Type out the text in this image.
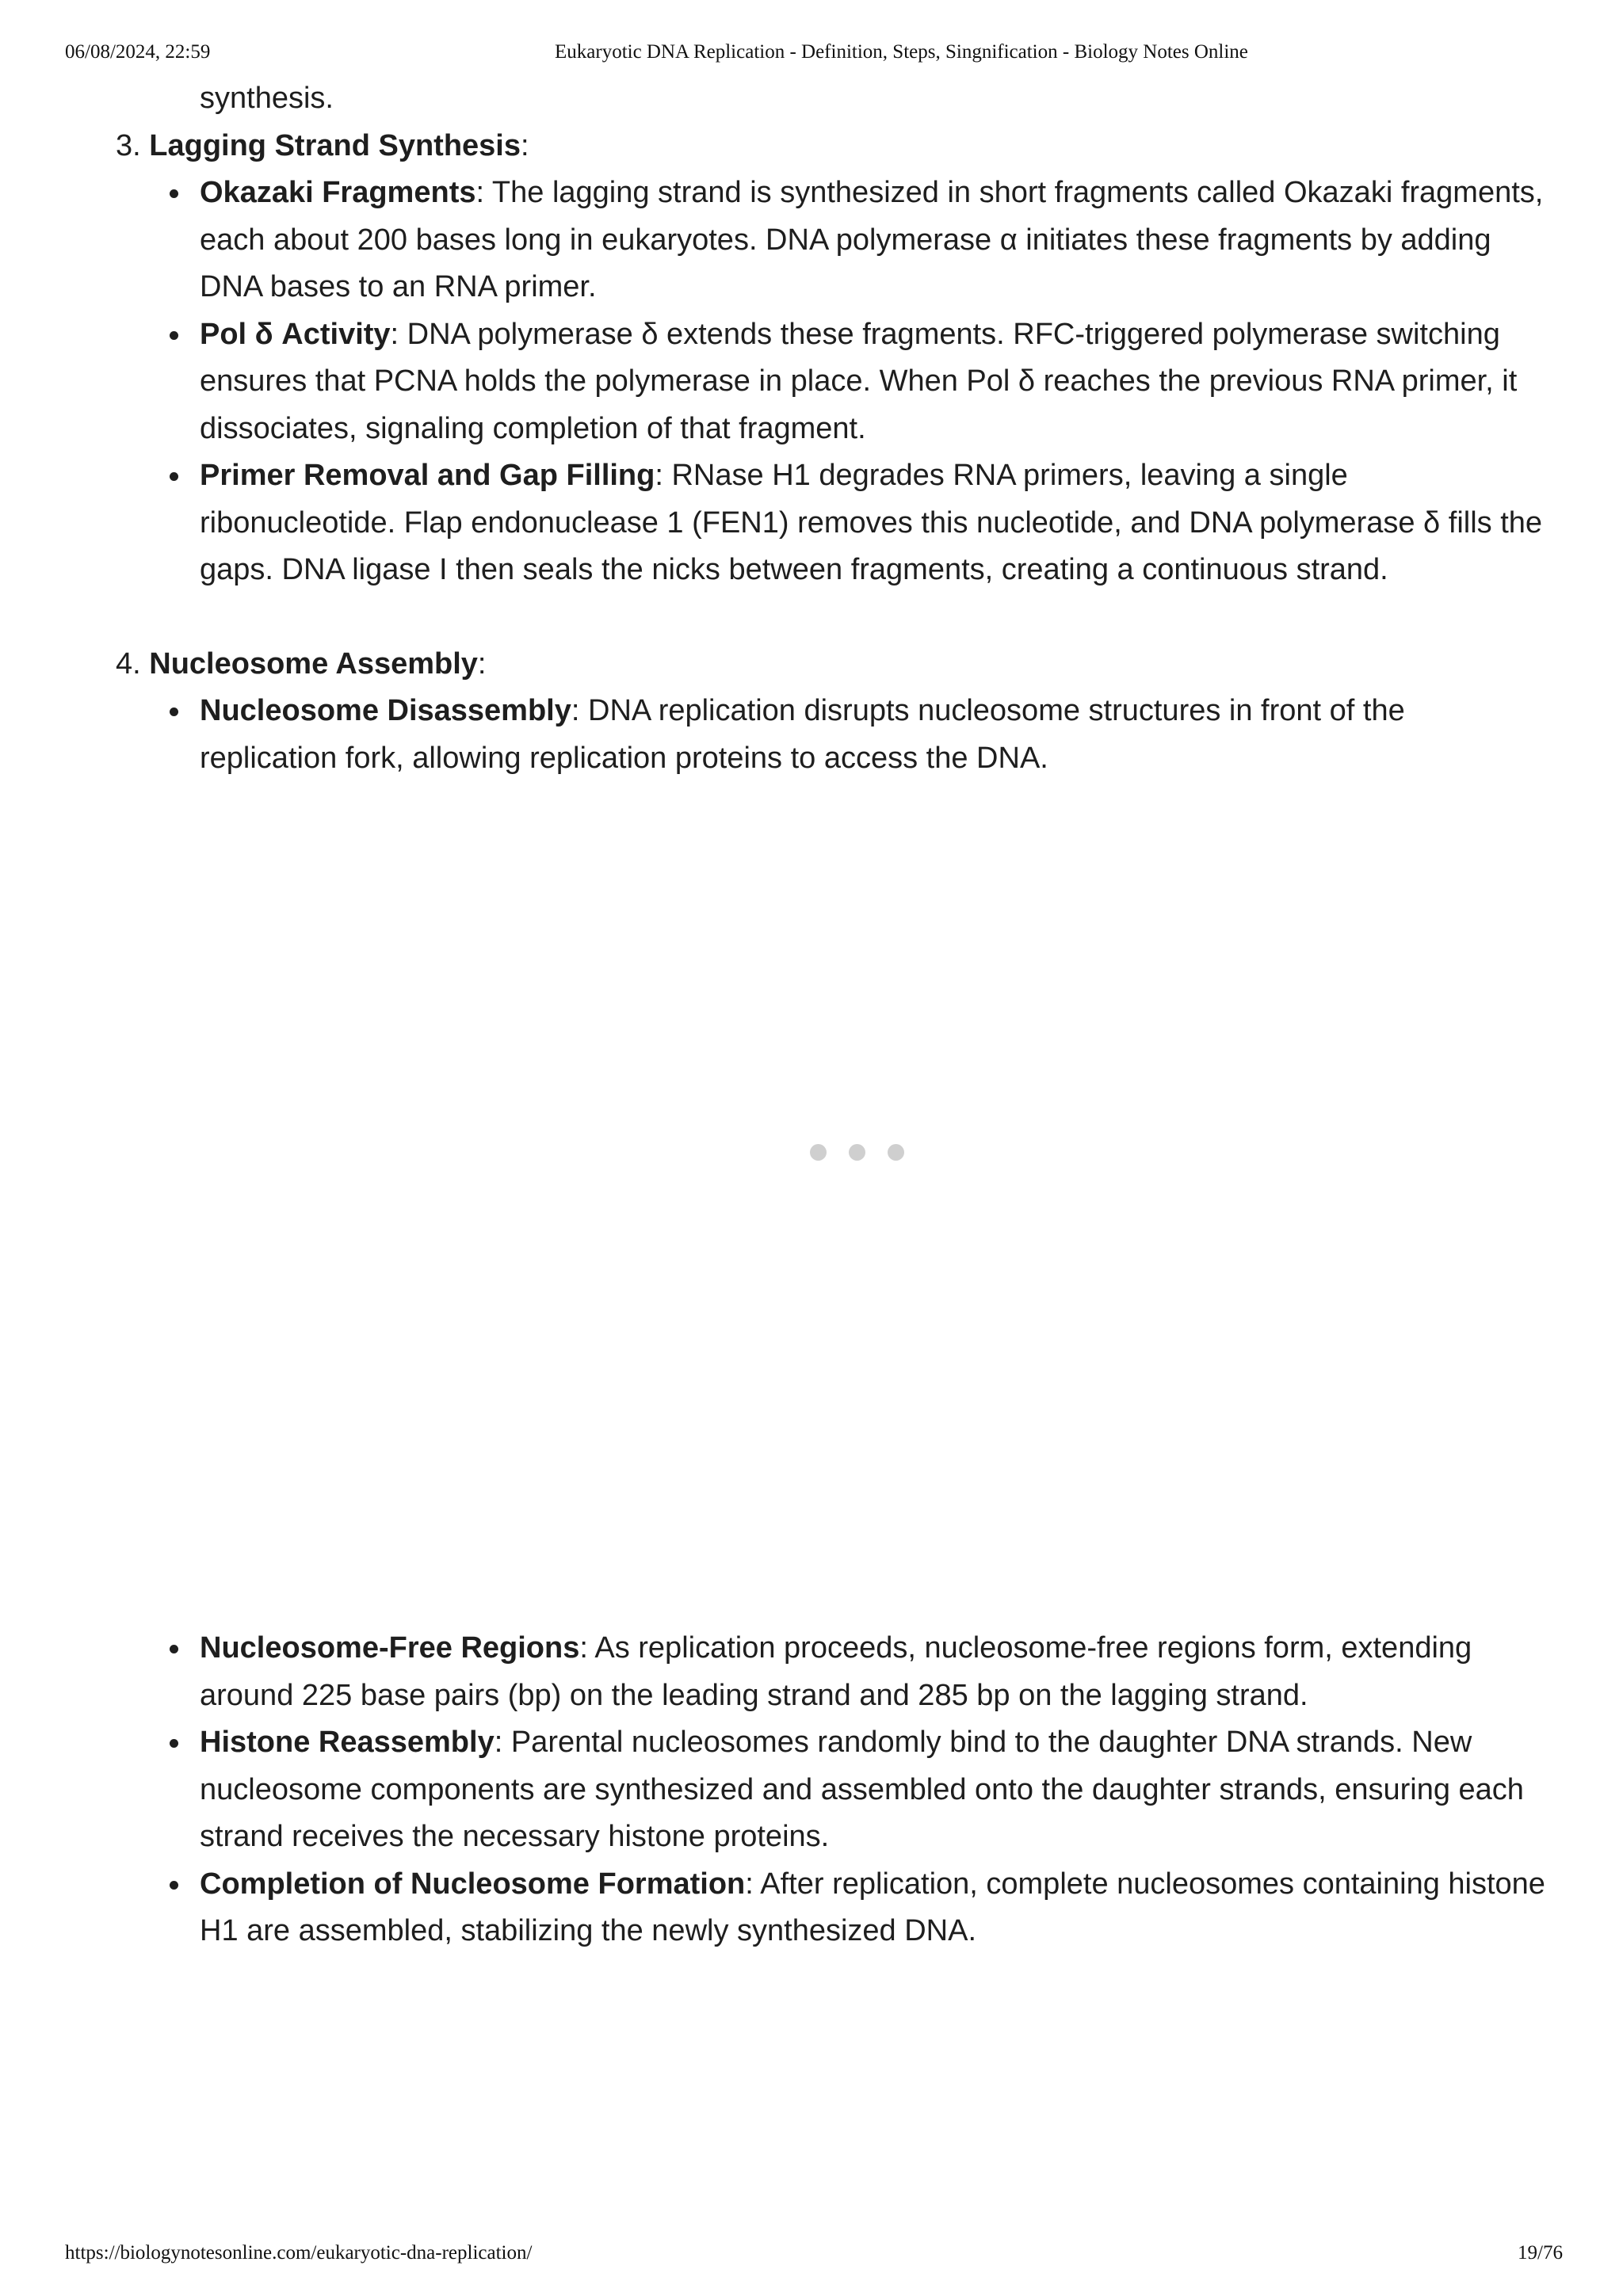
06/08/2024, 22:59	Eukaryotic DNA Replication - Definition, Steps, Singnification - Biology Notes Online
synthesis.
3. Lagging Strand Synthesis:
Okazaki Fragments: The lagging strand is synthesized in short fragments called Okazaki fragments, each about 200 bases long in eukaryotes. DNA polymerase α initiates these fragments by adding DNA bases to an RNA primer.
Pol δ Activity: DNA polymerase δ extends these fragments. RFC-triggered polymerase switching ensures that PCNA holds the polymerase in place. When Pol δ reaches the previous RNA primer, it dissociates, signaling completion of that fragment.
Primer Removal and Gap Filling: RNase H1 degrades RNA primers, leaving a single ribonucleotide. Flap endonuclease 1 (FEN1) removes this nucleotide, and DNA polymerase δ fills the gaps. DNA ligase I then seals the nicks between fragments, creating a continuous strand.
4. Nucleosome Assembly:
Nucleosome Disassembly: DNA replication disrupts nucleosome structures in front of the replication fork, allowing replication proteins to access the DNA.
Nucleosome-Free Regions: As replication proceeds, nucleosome-free regions form, extending around 225 base pairs (bp) on the leading strand and 285 bp on the lagging strand.
Histone Reassembly: Parental nucleosomes randomly bind to the daughter DNA strands. New nucleosome components are synthesized and assembled onto the daughter strands, ensuring each strand receives the necessary histone proteins.
Completion of Nucleosome Formation: After replication, complete nucleosomes containing histone H1 are assembled, stabilizing the newly synthesized DNA.
https://biologynotesonline.com/eukaryotic-dna-replication/	19/76
